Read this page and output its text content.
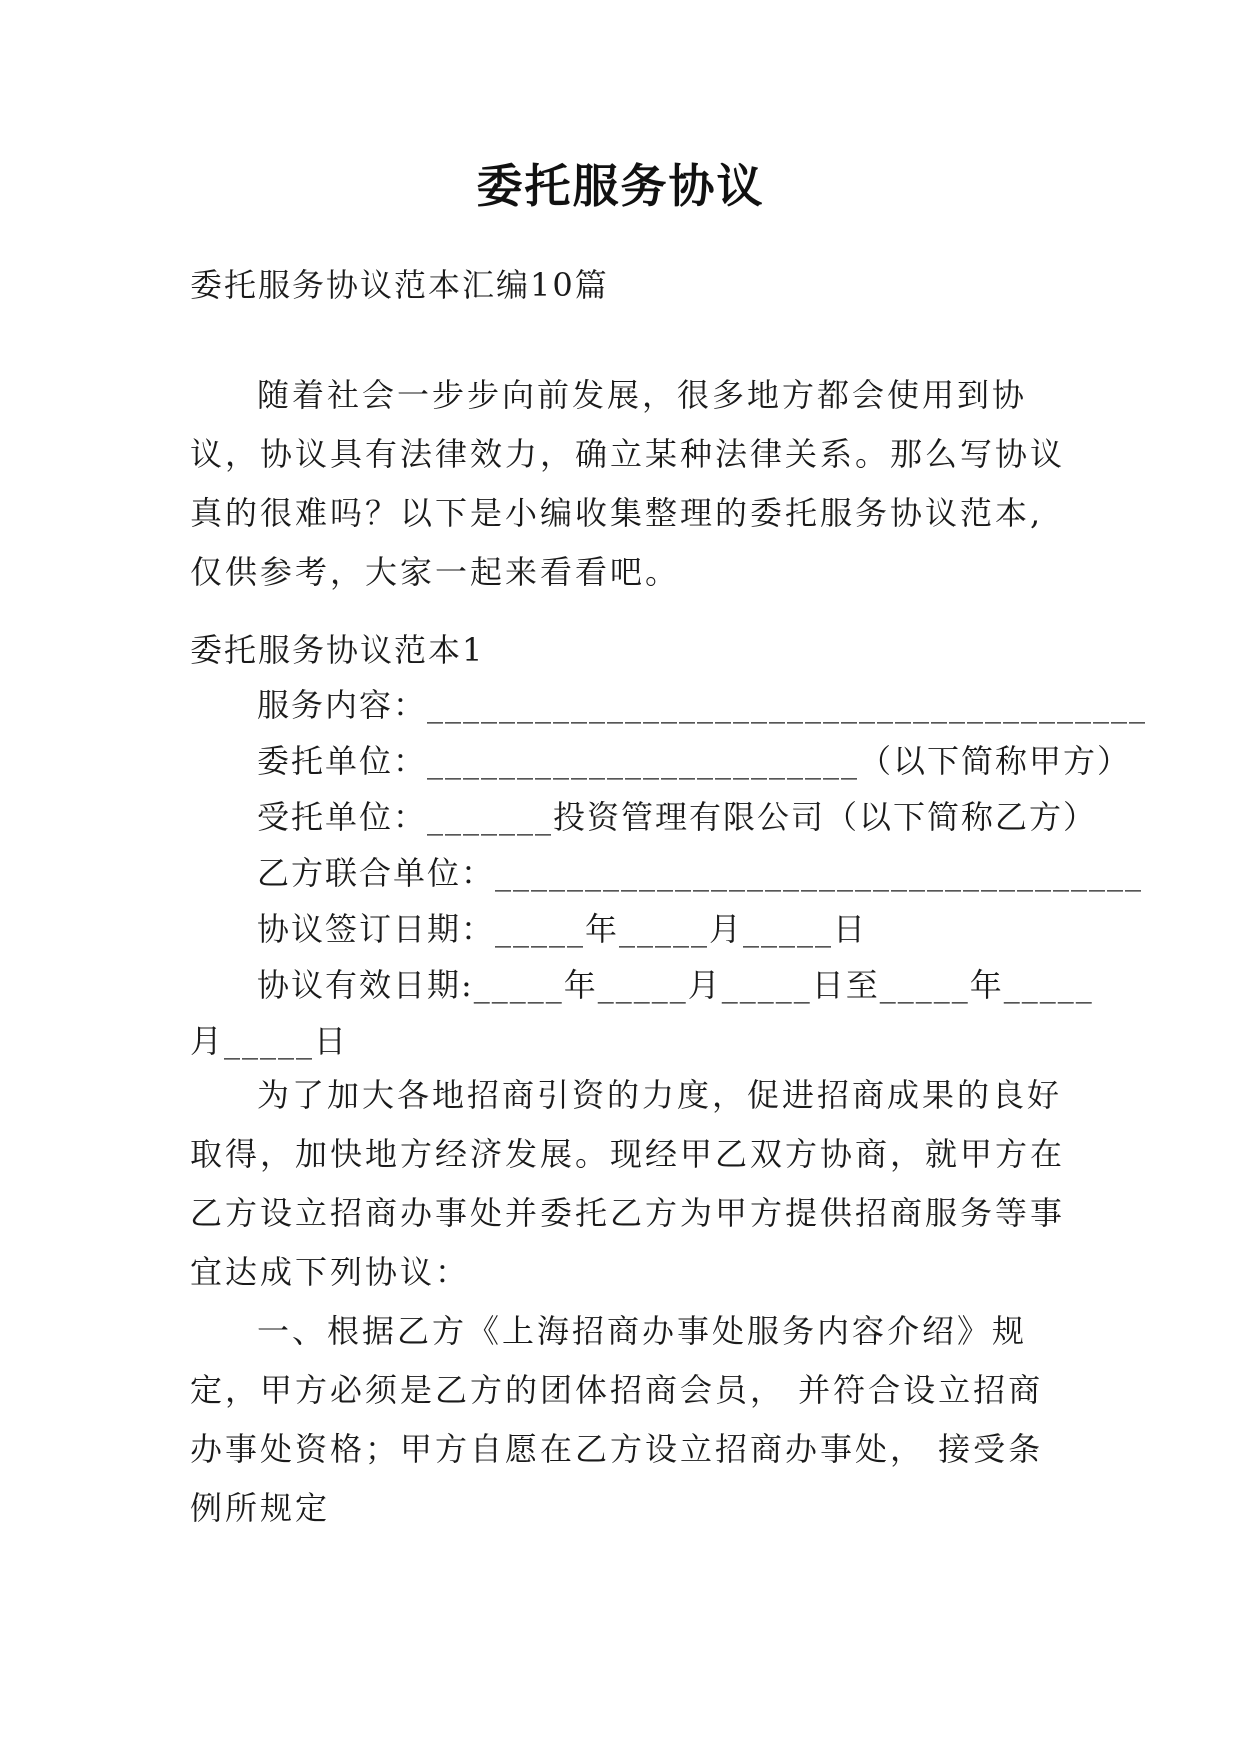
委托服务协议
委托服务协议范本汇编10篇
随着社会一步步向前发展，很多地方都会使用到协议，协议具有法律效力，确立某种法律关系。那么写协议真的很难吗？以下是小编收集整理的委托服务协议范本,仅供参考，大家一起来看看吧。
委托服务协议范本1
服务内容：________________________________________
委托单位：________________________（以下简称甲方）
受托单位：_______投资管理有限公司（以下简称乙方）
乙方联合单位：____________________________________
协议签订日期：_____年_____月_____日
协议有效日期:_____年_____月_____日至_____年_____
月_____日
为了加大各地招商引资的力度，促进招商成果的良好取得，加快地方经济发展。现经甲乙双方协商，就甲方在乙方设立招商办事处并委托乙方为甲方提供招商服务等事宜达成下列协议：
一、根据乙方《上海招商办事处服务内容介绍》规定，甲方必须是乙方的团体招商会员， 并符合设立招商办事处资格；甲方自愿在乙方设立招商办事处， 接受条例所规定
